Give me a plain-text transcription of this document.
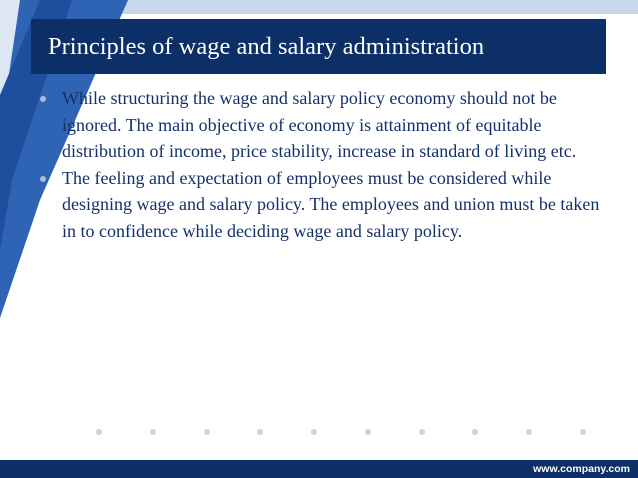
Principles of wage and salary administration
While structuring the wage and salary policy economy should not be ignored. The main objective of economy is attainment of equitable distribution of income, price stability, increase in standard of living etc.
The feeling and expectation of employees must be considered while designing wage and salary policy. The employees and union must be taken in to confidence while deciding wage and salary policy.
www.company.com
